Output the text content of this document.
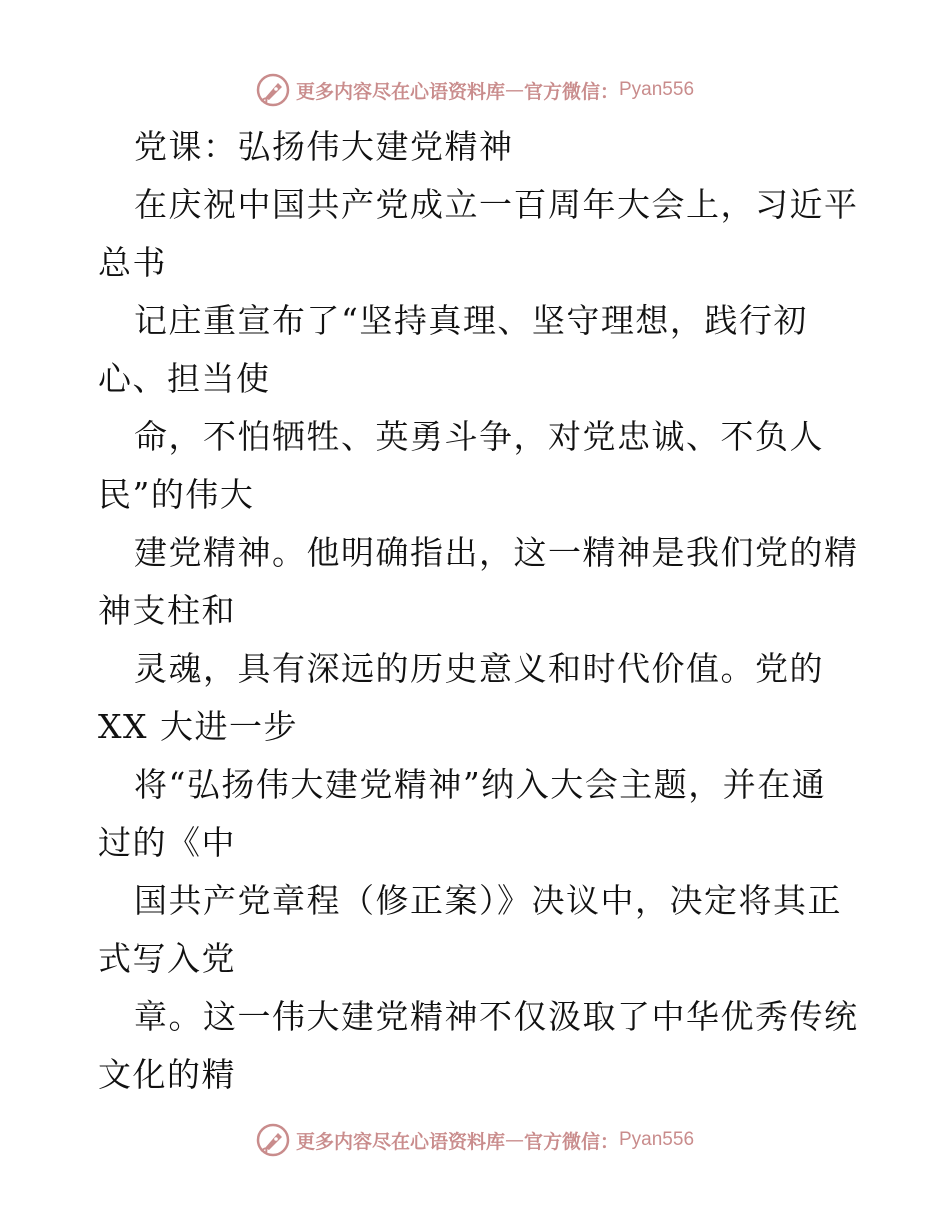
更多内容尽在心语资料库 — 官方微信： Pyan556
党课：弘扬伟大建党精神
在庆祝中国共产党成立一百周年大会上，习近平
总书
记庄重宣布了“坚持真理、坚守理想，践行初
心、担当使
命，不怕牺牲、英勇斗争，对党忠诚、不负人
民”的伟大
建党精神。他明确指出，这一精神是我们党的精
神支柱和
灵魂，具有深远的历史意义和时代价值。党的
XX 大进一步
将“弘扬伟大建党精神”纳入大会主题，并在通
过的《中
国共产党章程（修正案）》决议中，决定将其正
式写入党
章。这一伟大建党精神不仅汲取了中华优秀传统
文化的精
更多内容尽在心语资料库 — 官方微信： Pyan556
